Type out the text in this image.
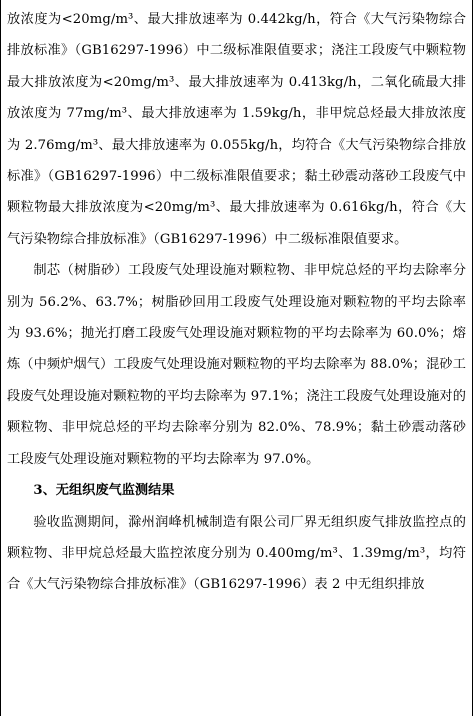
放浓度为<20mg/m³、最大排放速率为 0.442kg/h，符合《大气污染物综合排放标准》（GB16297-1996）中二级标准限值要求；浇注工段废气中颗粒物最大排放浓度为<20mg/m³、最大排放速率为 0.413kg/h，二氧化硫最大排放浓度为 77mg/m³、最大排放速率为 1.59kg/h，非甲烷总烃最大排放浓度为 2.76mg/m³、最大排放速率为 0.055kg/h，均符合《大气污染物综合排放标准》（GB16297-1996）中二级标准限值要求；黏土砂震动落砂工段废气中颗粒物最大排放浓度为<20mg/m³、最大排放速率为 0.616kg/h，符合《大气污染物综合排放标准》（GB16297-1996）中二级标准限值要求。

制芯（树脂砂）工段废气处理设施对颗粒物、非甲烷总烃的平均去除率分别为 56.2%、63.7%；树脂砂回用工段废气处理设施对颗粒物的平均去除率为 93.6%；抛光打磨工段废气处理设施对颗粒物的平均去除率为 60.0%；熔炼（中频炉烟气）工段废气处理设施对颗粒物的平均去除率为 88.0%；混砂工段废气处理设施对颗粒物的平均去除率为 97.1%；浇注工段废气处理设施对的颗粒物、非甲烷总烃的平均去除率分别为 82.0%、78.9%；黏土砂震动落砂工段废气处理设施对颗粒物的平均去除率为 97.0%。

3、无组织废气监测结果

验收监测期间，滁州润峰机械制造有限公司厂界无组织废气排放监控点的颗粒物、非甲烷总烃最大监控浓度分别为 0.400mg/m³、1.39mg/m³，均符合《大气污染物综合排放标准》（GB16297-1996）表 2 中无组织排放
